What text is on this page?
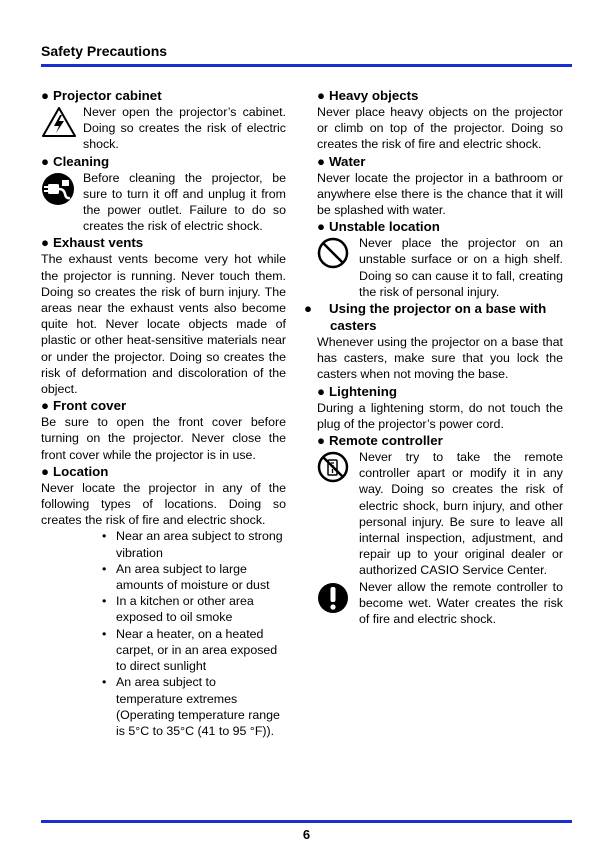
Safety Precautions
● Projector cabinet

Never open the projector’s cabinet. Doing so creates the risk of electric shock.

● Cleaning

Before cleaning the projector, be sure to turn it off and unplug it from the power outlet. Failure to do so creates the risk of electric shock.

● Exhaust vents

The exhaust vents become very hot while the projector is running. Never touch them. Doing so creates the risk of burn injury. The areas near the exhaust vents also become quite hot. Never locate objects made of plastic or other heat-sensitive materials near or under the projector. Doing so creates the risk of deformation and discoloration of the object.

● Front cover

Be sure to open the front cover before turning on the projector. Never close the front cover while the projector is in use.

● Location

Never locate the projector in any of the following types of locations. Doing so creates the risk of fire and electric shock.

• Near an area subject to strong vibration
• An area subject to large amounts of moisture or dust
• In a kitchen or other area exposed to oil smoke
• Near a heater, on a heated carpet, or in an area exposed to direct sunlight
• An area subject to temperature extremes (Operating temperature range is 5°C to 35°C (41 to 95 °F)).
● Heavy objects

Never place heavy objects on the projector or climb on top of the projector. Doing so creates the risk of fire and electric shock.

● Water

Never locate the projector in a bathroom or anywhere else there is the chance that it will be splashed with water.

● Unstable location

Never place the projector on an unstable surface or on a high shelf. Doing so can cause it to fall, creating the risk of personal injury.

● Using the projector on a base with casters

Whenever using the projector on a base that has casters, make sure that you lock the casters when not moving the base.

● Lightening

During a lightening storm, do not touch the plug of the projector’s power cord.

● Remote controller

Never try to take the remote controller apart or modify it in any way. Doing so creates the risk of electric shock, burn injury, and other personal injury. Be sure to leave all internal inspection, adjustment, and repair up to your original dealer or authorized CASIO Service Center.

Never allow the remote controller to become wet. Water creates the risk of fire and electric shock.

6
